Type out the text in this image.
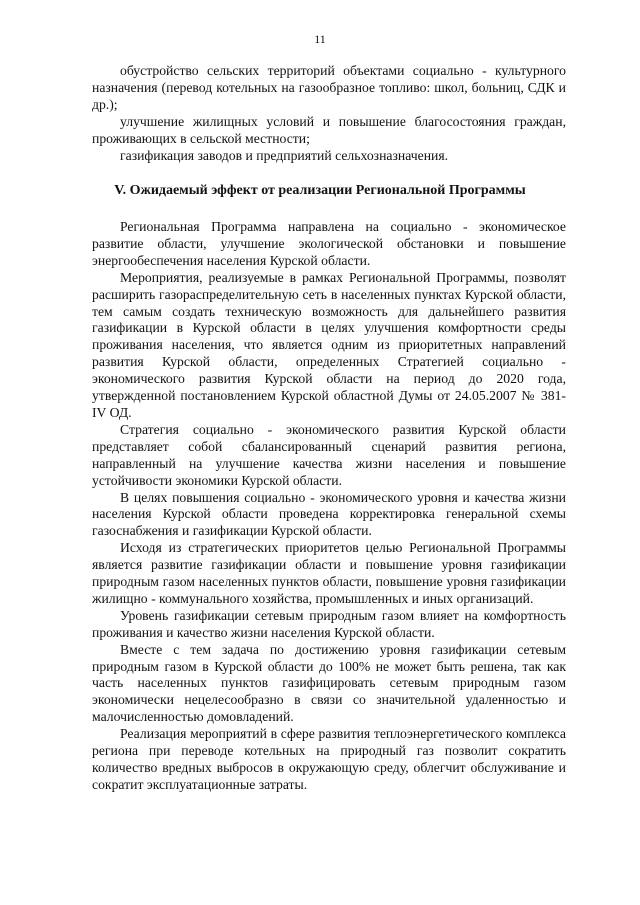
11

обустройство сельских территорий объектами социально - культурного назначения (перевод котельных на газообразное топливо: школ, больниц, СДК и др.);

улучшение жилищных условий и повышение благосостояния граждан, проживающих в сельской местности;

газификация заводов и предприятий сельхозназначения.

V. Ожидаемый эффект от реализации Региональной Программы

Региональная Программа направлена на социально - экономическое развитие области, улучшение экологической обстановки и повышение энергообеспечения населения Курской области.

Мероприятия, реализуемые в рамках Региональной Программы, позволят расширить газораспределительную сеть в населенных пунктах Курской области, тем самым создать техническую возможность для дальнейшего развития газификации в Курской области в целях улучшения комфортности среды проживания населения, что является одним из приоритетных направлений развития Курской области, определенных Стратегией социально - экономического развития Курской области на период до 2020 года, утвержденной постановлением Курской областной Думы от 24.05.2007 № 381-IV ОД.

Стратегия социально - экономического развития Курской области представляет собой сбалансированный сценарий развития региона, направленный на улучшение качества жизни населения и повышение устойчивости экономики Курской области.

В целях повышения социально - экономического уровня и качества жизни населения Курской области проведена корректировка генеральной схемы газоснабжения и газификации Курской области.

Исходя из стратегических приоритетов целью Региональной Программы является развитие газификации области и повышение уровня газификации природным газом населенных пунктов области, повышение уровня газификации жилищно - коммунального хозяйства, промышленных и иных организаций.

Уровень газификации сетевым природным газом влияет на комфортность проживания и качество жизни населения Курской области.

Вместе с тем задача по достижению уровня газификации сетевым природным газом в Курской области до 100% не может быть решена, так как часть населенных пунктов газифицировать сетевым природным газом экономически нецелесообразно в связи со значительной удаленностью и малочисленностью домовладений.

Реализация мероприятий в сфере развития теплоэнергетического комплекса региона при переводе котельных на природный газ позволит сократить количество вредных выбросов в окружающую среду, облегчит обслуживание и сократит эксплуатационные затраты.
